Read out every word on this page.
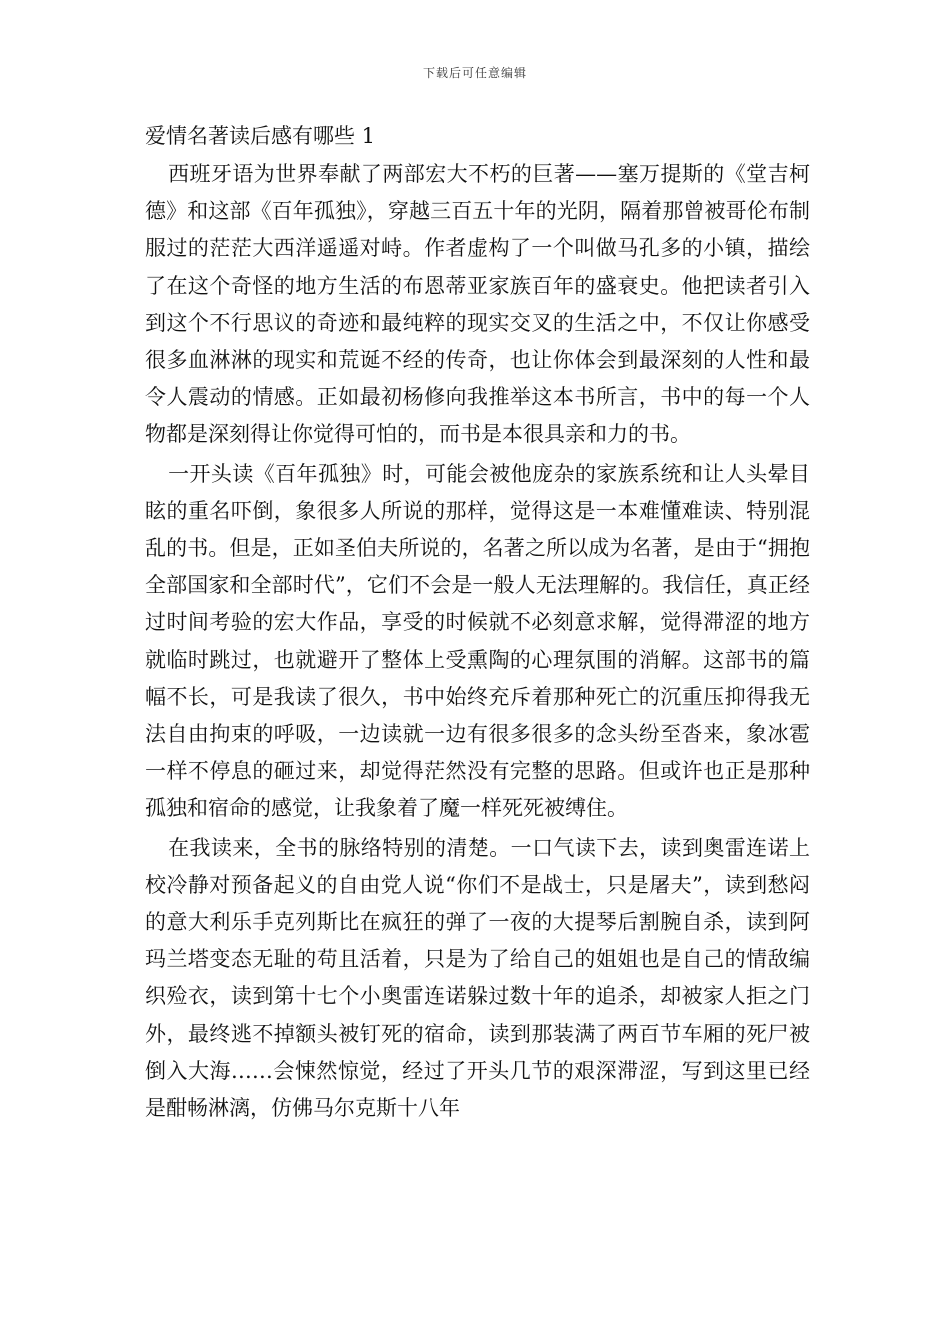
下载后可任意编辑
爱情名著读后感有哪些 1

西班牙语为世界奉献了两部宏大不朽的巨著——塞万提斯的《堂吉柯德》和这部《百年孤独》，穿越三百五十年的光阴，隔着那曾被哥伦布制服过的茫茫大西洋遥遥对峙。作者虚构了一个叫做马孔多的小镇，描绘了在这个奇怪的地方生活的布恩蒂亚家族百年的盛衰史。他把读者引入到这个不行思议的奇迹和最纯粹的现实交叉的生活之中，不仅让你感受很多血淋淋的现实和荒诞不经的传奇，也让你体会到最深刻的人性和最令人震动的情感。正如最初杨修向我推举这本书所言，书中的每一个人物都是深刻得让你觉得可怕的，而书是本很具亲和力的书。

一开头读《百年孤独》时，可能会被他庞杂的家族系统和让人头晕目眩的重名吓倒，象很多人所说的那样，觉得这是一本难懂难读、特别混乱的书。但是，正如圣伯夫所说的，名著之所以成为名著，是由于“拥抱全部国家和全部时代”，它们不会是一般人无法理解的。我信任，真正经过时间考验的宏大作品，享受的时候就不必刻意求解，觉得滞涩的地方就临时跳过，也就避开了整体上受熏陶的心理氛围的消解。这部书的篇幅不长，可是我读了很久，书中始终充斥着那种死亡的沉重压抑得我无法自由拘束的呼吸，一边读就一边有很多很多的念头纷至沓来，象冰雹一样不停息的砸过来，却觉得茫然没有完整的思路。但或许也正是那种孤独和宿命的感觉，让我象着了魔一样死死被缚住。

在我读来，全书的脉络特别的清楚。一口气读下去，读到奥雷连诺上校冷静对预备起义的自由党人说“你们不是战士，只是屠夫”，读到愁闷的意大利乐手克列斯比在疯狂的弹了一夜的大提琴后割腕自杀，读到阿玛兰塔变态无耻的苟且活着，只是为了给自己的姐姐也是自己的情敌编织殓衣，读到第十七个小奥雷连诺躲过数十年的追杀，却被家人拒之门外，最终逃不掉额头被钉死的宿命，读到那装满了两百节车厢的死尸被倒入大海……会悚然惊觉，经过了开头几节的艰深滞涩，写到这里已经是酣畅淋漓，仿佛马尔克斯十八年
